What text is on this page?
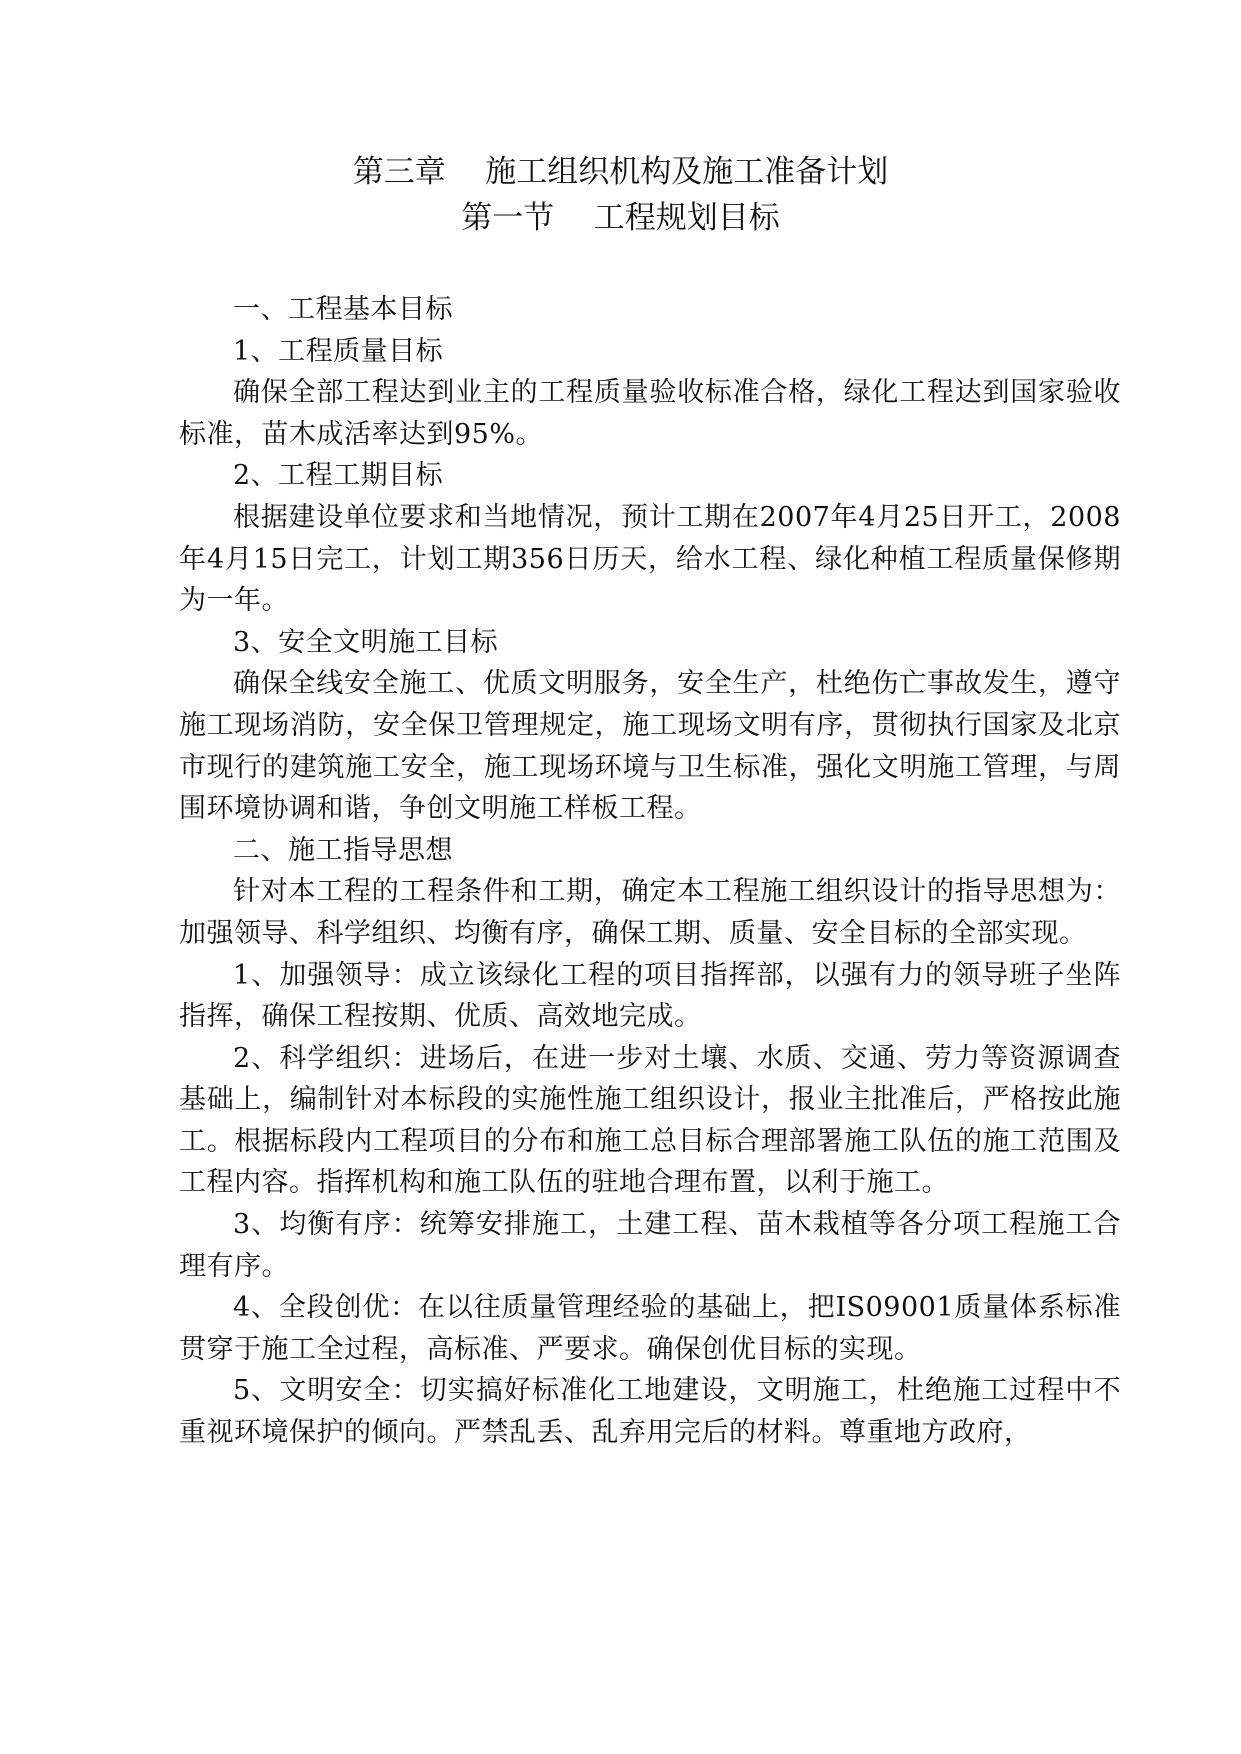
第三章    施工组织机构及施工准备计划
第一节    工程规划目标

一、工程基本目标

1、工程质量目标

确保全部工程达到业主的工程质量验收标准合格，绿化工程达到国家验收标准，苗木成活率达到95%。

2、工程工期目标

根据建设单位要求和当地情况，预计工期在2007年4月25日开工，2008年4月15日完工，计划工期356日历天，给水工程、绿化种植工程质量保修期为一年。

3、安全文明施工目标

确保全线安全施工、优质文明服务，安全生产，杜绝伤亡事故发生，遵守施工现场消防，安全保卫管理规定，施工现场文明有序，贯彻执行国家及北京市现行的建筑施工安全，施工现场环境与卫生标准，强化文明施工管理，与周围环境协调和谐，争创文明施工样板工程。

二、施工指导思想

针对本工程的工程条件和工期，确定本工程施工组织设计的指导思想为：加强领导、科学组织、均衡有序，确保工期、质量、安全目标的全部实现。

1、加强领导：成立该绿化工程的项目指挥部，以强有力的领导班子坐阵指挥，确保工程按期、优质、高效地完成。

2、科学组织：进场后，在进一步对土壤、水质、交通、劳力等资源调查基础上，编制针对本标段的实施性施工组织设计，报业主批准后，严格按此施工。根据标段内工程项目的分布和施工总目标合理部署施工队伍的施工范围及工程内容。指挥机构和施工队伍的驻地合理布置，以利于施工。

3、均衡有序：统筹安排施工，土建工程、苗木栽植等各分项工程施工合理有序。

4、全段创优：在以往质量管理经验的基础上，把IS09001质量体系标准贯穿于施工全过程，高标准、严要求。确保创优目标的实现。

5、文明安全：切实搞好标准化工地建设，文明施工，杜绝施工过程中不重视环境保护的倾向。严禁乱丢、乱弃用完后的材料。尊重地方政府，
